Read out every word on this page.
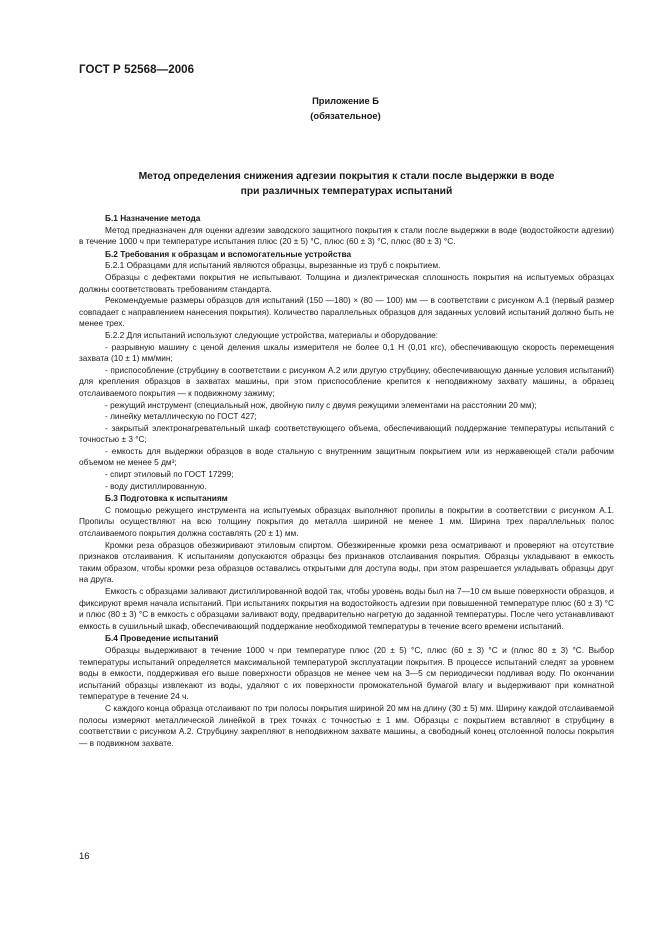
ГОСТ Р 52568—2006
Приложение Б
(обязательное)
Метод определения снижения адгезии покрытия к стали после выдержки в воде
при различных температурах испытаний

Б.1 Назначение метода

Метод предназначен для оценки адгезии заводского защитного покрытия к стали после выдержки в воде (водостойкости адгезии) в течение 1000 ч при температуре испытания плюс (20 ± 5) °С, плюс (60 ± 3) °С, плюс (80 ± 3) °С.

Б.2 Требования к образцам и вспомогательные устройства

Б.2.1 Образцами для испытаний являются образцы, вырезанные из труб с покрытием.

Образцы с дефектами покрытия не испытывают. Толщина и диэлектрическая сплошность покрытия на испытуемых образцах должны соответствовать требованиям стандарта.

Рекомендуемые размеры образцов для испытаний (150 —180) × (80 — 100) мм — в соответствии с рисунком А.1 (первый размер совпадает с направлением нанесения покрытия). Количество параллельных образцов для заданных условий испытаний должно быть не менее трех.

Б.2.2 Для испытаний используют следующие устройства, материалы и оборудование:

- разрывную машину с ценой деления шкалы измерителя не более 0,1 Н (0,01 кгс), обеспечивающую скорость перемещения захвата (10 ± 1) мм/мин;

- приспособление (струбцину в соответствии с рисунком А.2 или другую струбцину, обеспечивающую данные условия испытаний) для крепления образцов в захватах машины, при этом приспособление крепится к неподвижному захвату машины, а образец отслаиваемого покрытия — к подвижному зажиму;

- режущий инструмент (специальный нож, двойную пилу с двумя режущими элементами на расстоянии 20 мм);

- линейку металлическую по ГОСТ 427;

- закрытый электронагревательный шкаф соответствующего объема, обеспечивающий поддержание температуры испытаний с точностью ± 3 °С;

- емкость для выдержки образцов в воде стальную с внутренним защитным покрытием или из нержавеющей стали рабочим объемом не менее 5 дм³;

- спирт этиловый по ГОСТ 17299;

- воду дистиллированную.

Б.3 Подготовка к испытаниям

С помощью режущего инструмента на испытуемых образцах выполняют пропилы в покрытии в соответствии с рисунком А.1. Пропилы осуществляют на всю толщину покрытия до металла шириной не менее 1 мм. Ширина трех параллельных полос отслаиваемого покрытия должна составлять (20 ± 1) мм.

Кромки реза образцов обезжиривают этиловым спиртом. Обезжиренные кромки реза осматривают и проверяют на отсутствие признаков отслаивания. К испытаниям допускаются образцы без признаков отслаивания покрытия. Образцы укладывают в емкость таким образом, чтобы кромки реза образцов оставались открытыми для доступа воды, при этом разрешается укладывать образцы друг на друга.

Емкость с образцами заливают дистиллированной водой так, чтобы уровень воды был на 7—10 см выше поверхности образцов, и фиксируют время начала испытаний. При испытаниях покрытия на водостойкость адгезии при повышенной температуре плюс (60 ± 3) °С и плюс (80 ± 3) °С в емкость с образцами заливают воду, предварительно нагретую до заданной температуры. После чего устанавливают емкость в сушильный шкаф, обеспечивающий поддержание необходимой температуры в течение всего времени испытаний.

Б.4 Проведение испытаний

Образцы выдерживают в течение 1000 ч при температуре плюс (20 ± 5) °С, плюс (60 ± 3) °С и (плюс 80 ± 3) °С. Выбор температуры испытаний определяется максимальной температурой эксплуатации покрытия. В процессе испытаний следят за уровнем воды в емкости, поддерживая его выше поверхности образцов не менее чем на 3—5 см периодически подливая воду. По окончании испытаний образцы извлекают из воды, удаляют с их поверхности промокательной бумагой влагу и выдерживают при комнатной температуре в течение 24 ч.

С каждого конца образца отслаивают по три полосы покрытия шириной 20 мм на длину (30 ± 5) мм. Ширину каждой отслаиваемой полосы измеряют металлической линейкой в трех точках с точностью ± 1 мм. Образцы с покрытием вставляют в струбцину в соответствии с рисунком А.2. Струбцину закрепляют в неподвижном захвате машины, а свободный конец отслоенной полосы покрытия — в подвижном захвате.

16
